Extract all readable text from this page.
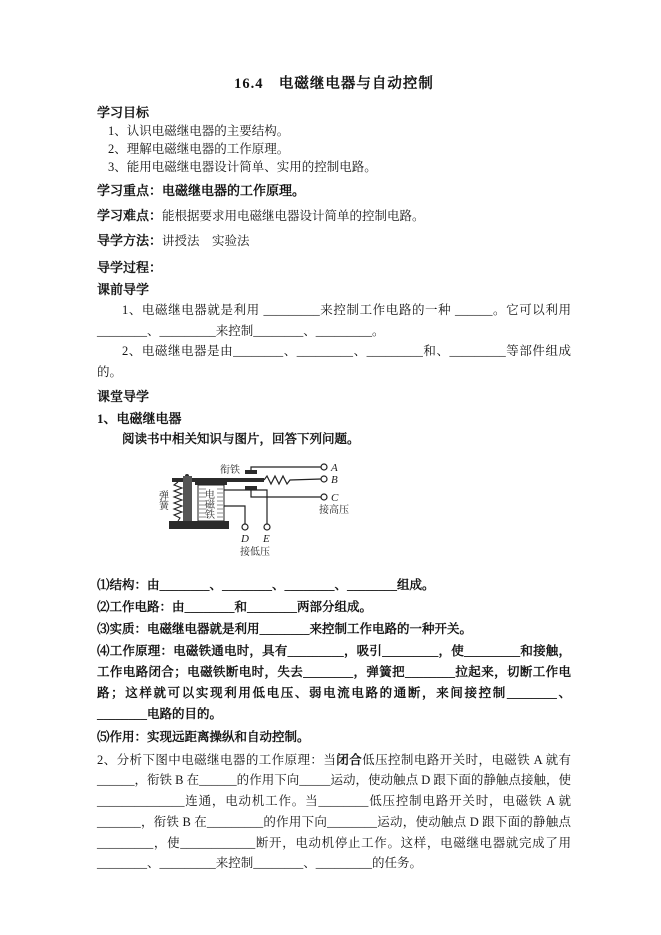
16.4　电磁继电器与自动控制
学习目标
1、认识电磁继电器的主要结构。
2、理解电磁继电器的工作原理。
3、能用电磁继电器设计简单、实用的控制电路。
学习重点：电磁继电器的工作原理。
学习难点：能根据要求用电磁继电器设计简单的控制电路。
导学方法：讲授法　实验法
导学过程：
课前导学

1、电磁继电器就是利用 _________来控制工作电路的一种 ______。它可以利用________、_________来控制________、_________。

2、电磁继电器是由________、_________、_________和、_________等部件组成的。

课堂导学
1、电磁继电器

阅读书中相关知识与图片，回答下列问题。

衔铁	A
B
C
接高压
弹簧	电磁铁
D E
接低压
⑴结构：由________、________、________、________组成。
⑵工作电路：由________和________两部分组成。
⑶实质：电磁继电器就是利用________来控制工作电路的一种开关。
⑷工作原理：电磁铁通电时，具有_________，吸引_________，使_________和接触，工作电路闭合；电磁铁断电时，失去________，弹簧把________拉起来，切断工作电路；这样就可以实现利用低电压、弱电流电路的通断，来间接控制________、________电路的目的。
⑸作用：实现远距离操纵和自动控制。

2、分析下图中电磁继电器的工作原理：当闭合低压控制电路开关时，电磁铁 A 就有______，衔铁 B 在______的作用下向_____运动，使动触点 D 跟下面的静触点接触，使______________连通，电动机工作。当________低压控制电路开关时，电磁铁 A 就_______，衔铁 B 在_________的作用下向________运动，使动触点 D 跟下面的静触点_________，使____________断开，电动机停止工作。这样，电磁继电器就完成了用________、_________来控制________、_________的任务。
